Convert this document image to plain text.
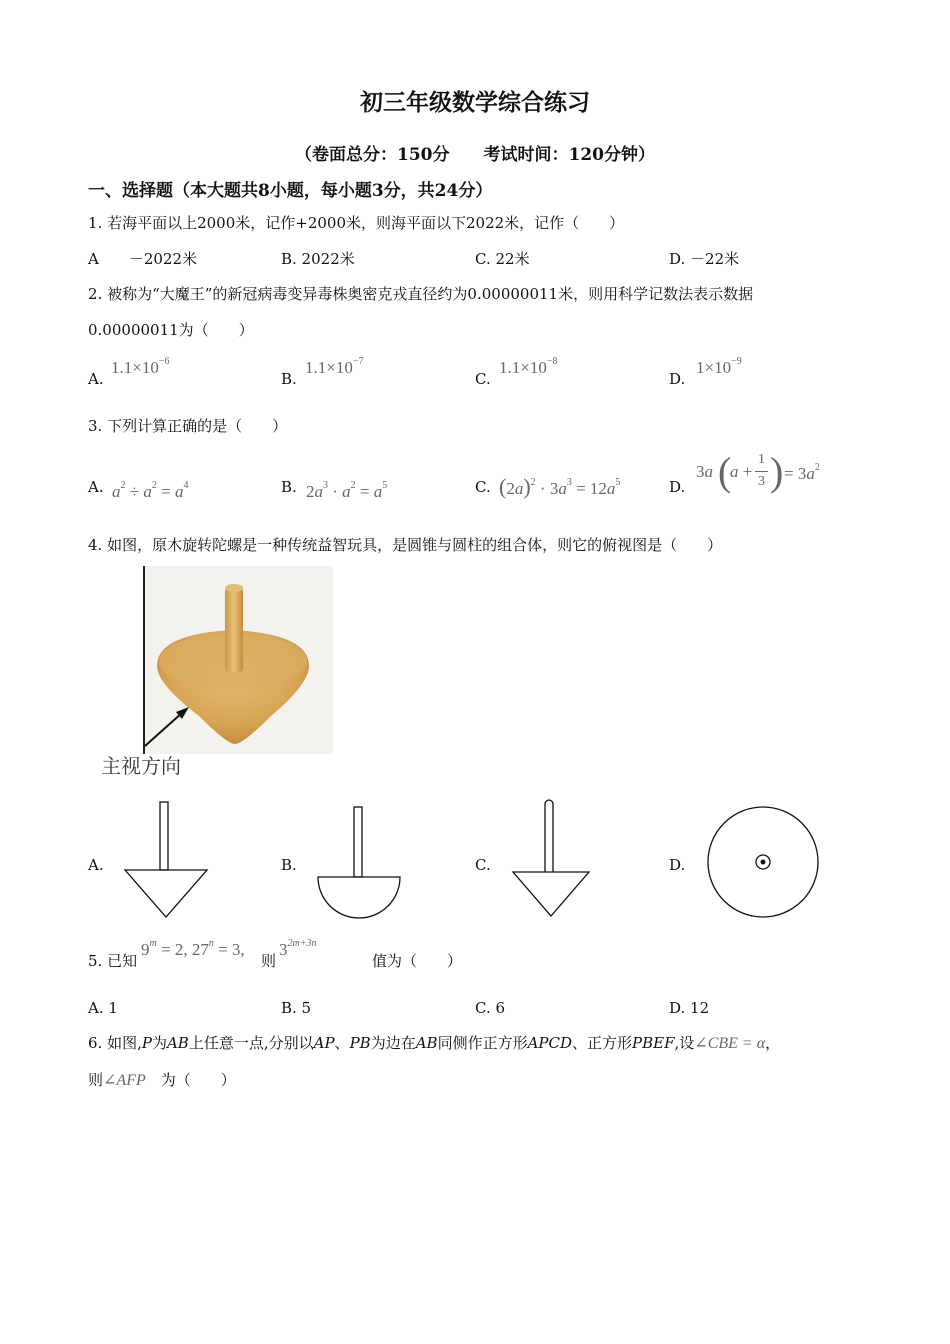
初三年级数学综合练习
（卷面总分：150分　　考试时间：120分钟）
一、选择题（本大题共8小题，每小题3分，共24分）
1. 若海平面以上2000米，记作+2000米，则海平面以下2022米，记作（　　）
A　　－2022米	B. 2022米	C. 22米	D. －22米
2. 被称为“大魔王”的新冠病毒变异毒株奥密克戎直径约为0.00000011米，则用科学记数法表示数据
0.00000011为（　　）
A.
$1.1\times 10^{-6}$
B.
$1.1\times 10^{-7}$
C.
$1.1\times 10^{-8}$
D.
$1\times 10^{-9}$
3. 下列计算正确的是（　　）
A. $a^2 \div a^2 = a^4$	B. $2a^3 \cdot a^2 = a^5$	C. $(2a)^2 \cdot 3a^3 = 12a^5$	D.
3a (
a +
1
3 ) = $3a^2$
4. 如图，原木旋转陀螺是一种传统益智玩具，是圆锥与圆柱的组合体，则它的俯视图是（　　）
主视方向
A.	B.	C.	D.
5. 已知
$9^m = 2$, $27^n = 3$,
则
$3^{2m+3n}$
值为（　　）
A. 1	B. 5	C. 6	D. 12
6. 如图,P为AB上任意一点,分别以AP、PB为边在AB同侧作正方形APCD、正方形PBEF,设∠CBE = α，
则∠AFP　 为（　　）
